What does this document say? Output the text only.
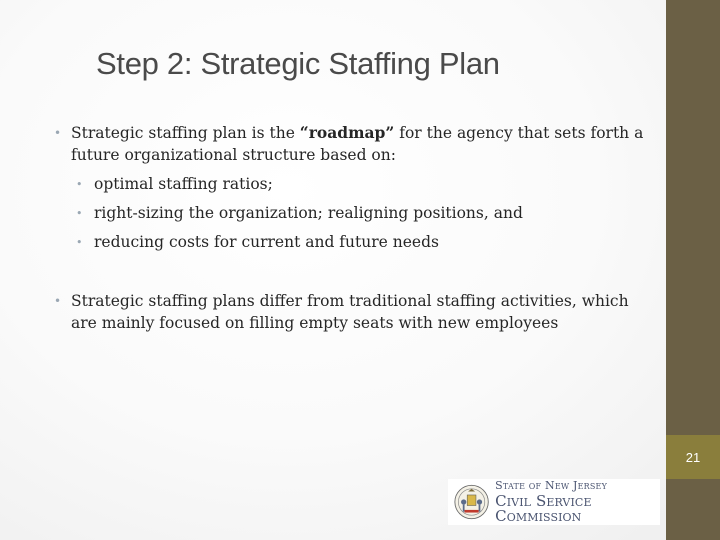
21
Step 2: Strategic Staffing Plan
• Strategic staffing plan is the “roadmap” for the agency that sets forth a future organizational structure based on:
• optimal staffing ratios;
• right-sizing the organization; realigning positions, and
• reducing costs for current and future needs
• Strategic staffing plans differ from traditional staffing activities, which are mainly focused on filling empty seats with new employees
State of New Jersey
Civil Service Commission
